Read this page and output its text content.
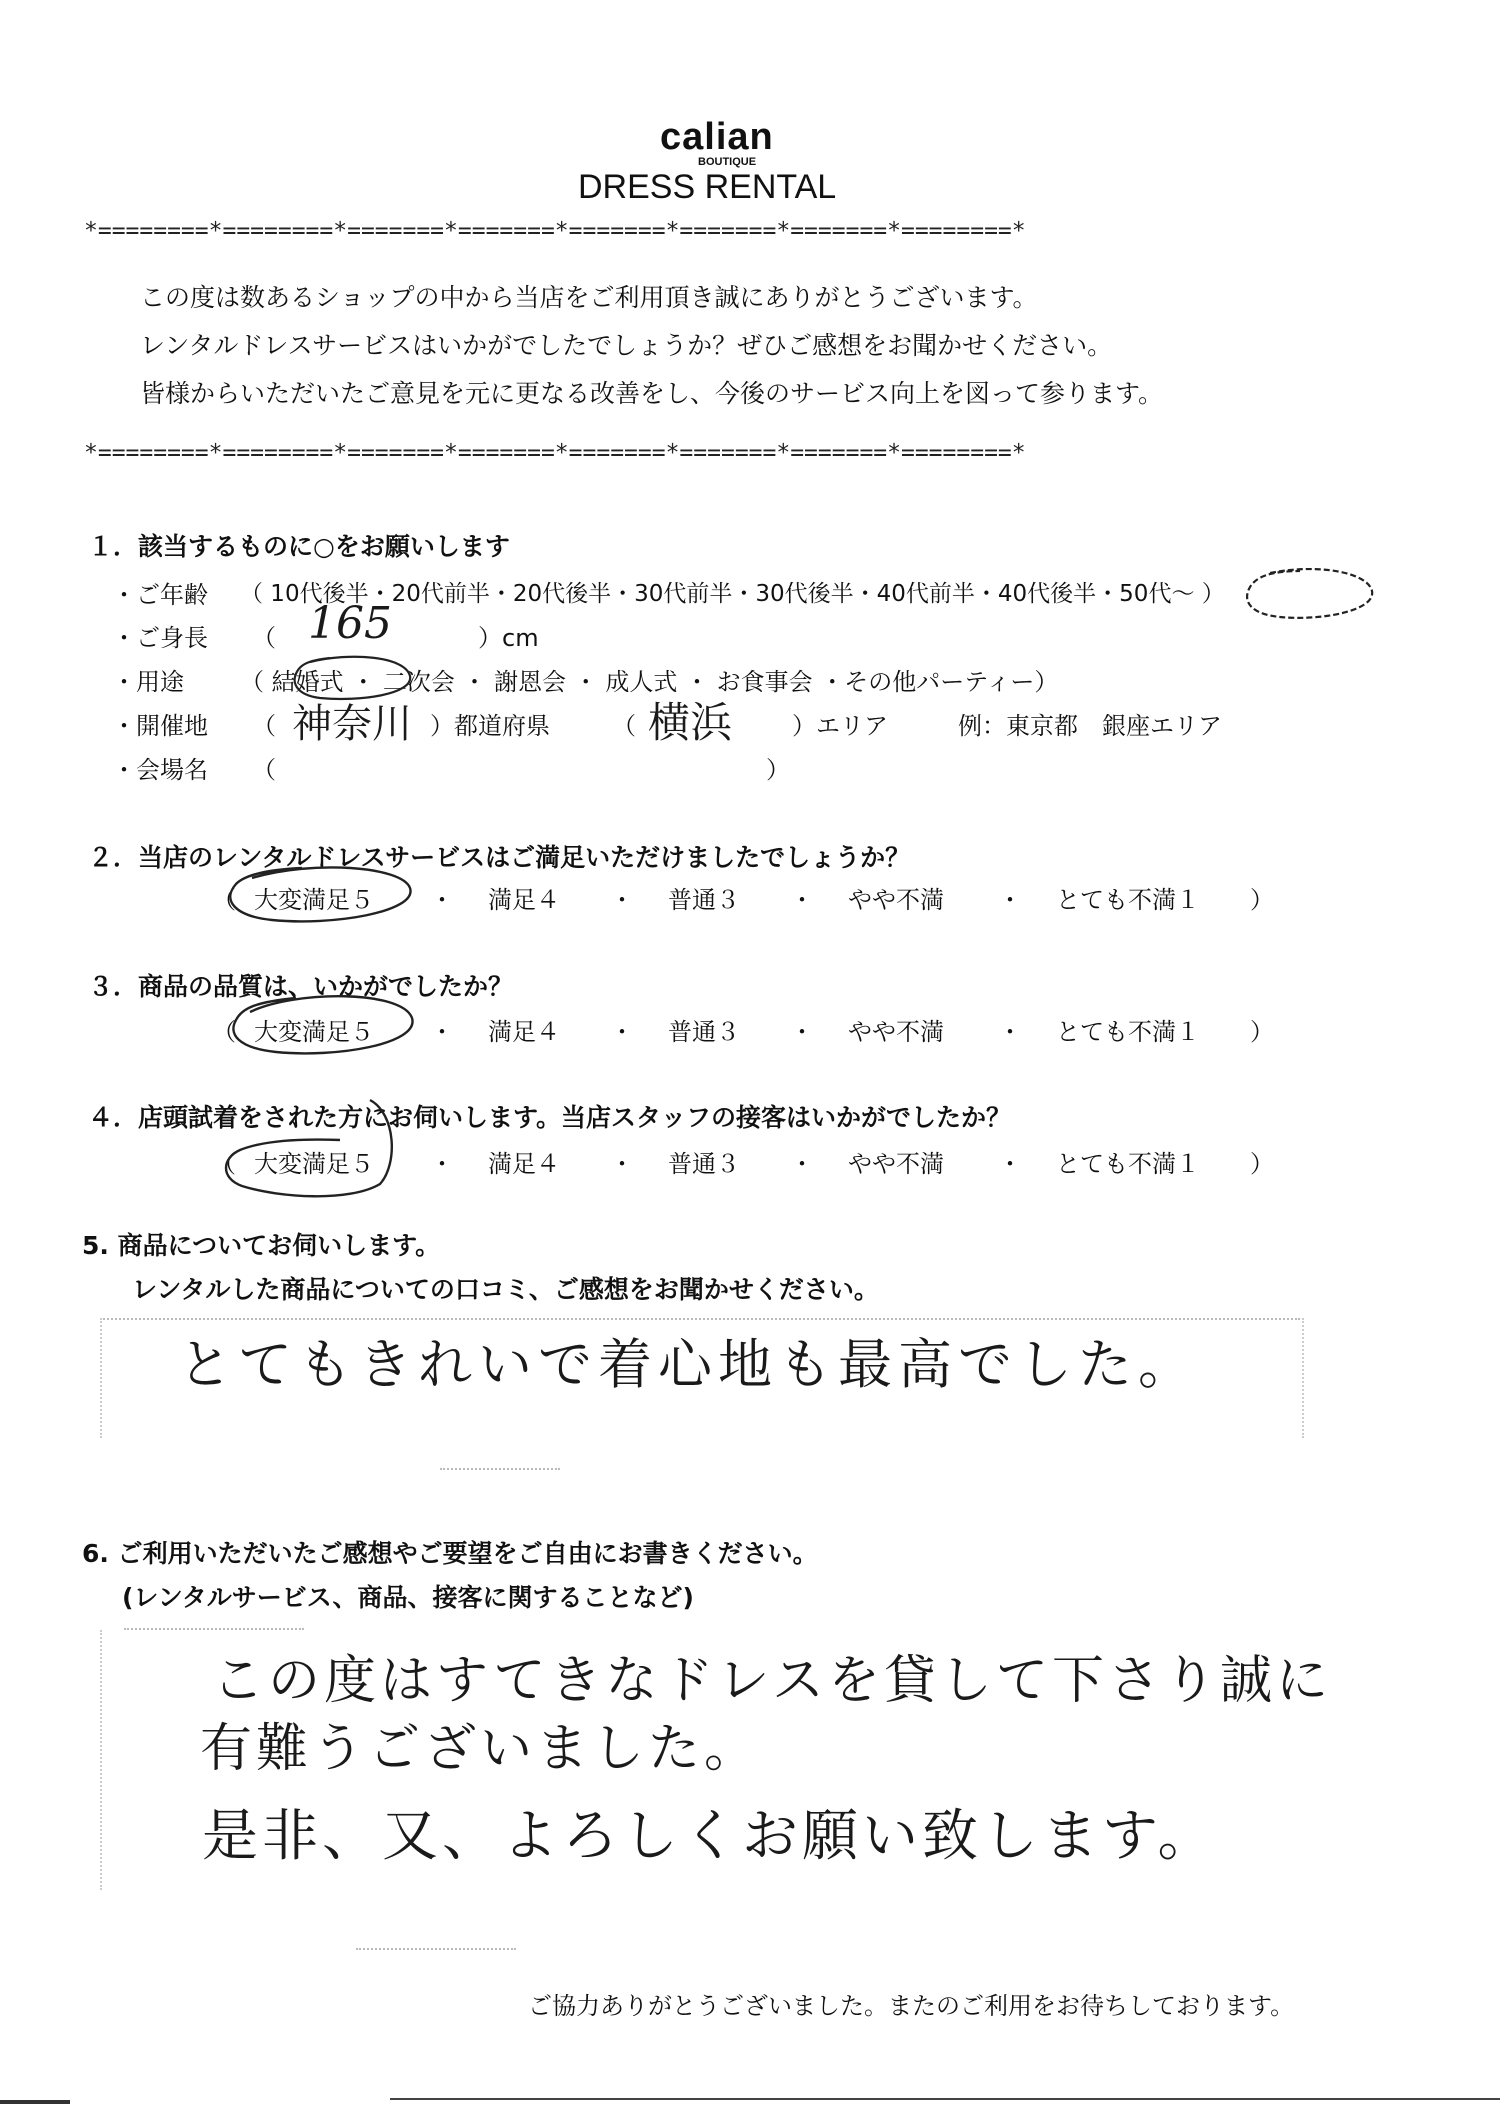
calian
BOUTIQUE
DRESS RENTAL
*========*========*=======*=======*=======*=======*=======*========*
この度は数あるショップの中から当店をご利用頂き誠にありがとうございます。
レンタルドレスサービスはいかがでしたでしょうか？ぜひご感想をお聞かせください。
皆様からいただいたご意見を元に更なる改善をし、今後のサービス向上を図って参ります。
*========*========*=======*=======*=======*=======*=======*========*
１．該当するものに○をお願いします
・ご年齢 （ 10代後半・20代前半・20代後半・30代前半・30代後半・40代前半・40代後半・50代～ ）
・ご身長 （ 165	）cm
・用途 （ 結婚式 ・ 二次会 ・ 謝恩会 ・ 成人式 ・ お食事会 ・その他パーティー）
・開催地 （ 神奈川 ）都道府県	（ 横浜 ）エリア	例：東京都　銀座エリア
・会場名 （	）
２．当店のレンタルドレスサービスはご満足いただけましたでしょうか？
（ 大変満足５ ・ 満足４ ・ 普通３ ・ やや不満 ・ とても不満１ ）
３．商品の品質は、いかがでしたか？
（ 大変満足５ ・ 満足４ ・ 普通３ ・ やや不満 ・ とても不満１ ）
４．店頭試着をされた方にお伺いします。当店スタッフの接客はいかがでしたか？
（ 大変満足５ ・ 満足４ ・ 普通３ ・ やや不満 ・ とても不満１ ）
5. 商品についてお伺いします。
レンタルした商品についての口コミ、ご感想をお聞かせください。
とてもきれいで着心地も最高でした。
6. ご利用いただいたご感想やご要望をご自由にお書きください。
(レンタルサービス、商品、接客に関することなど)
この度はすてきなドレスを貸して下さり誠に
有難うございました。
是非、又、よろしくお願い致します。
ご協力ありがとうございました。またのご利用をお待ちしております。
